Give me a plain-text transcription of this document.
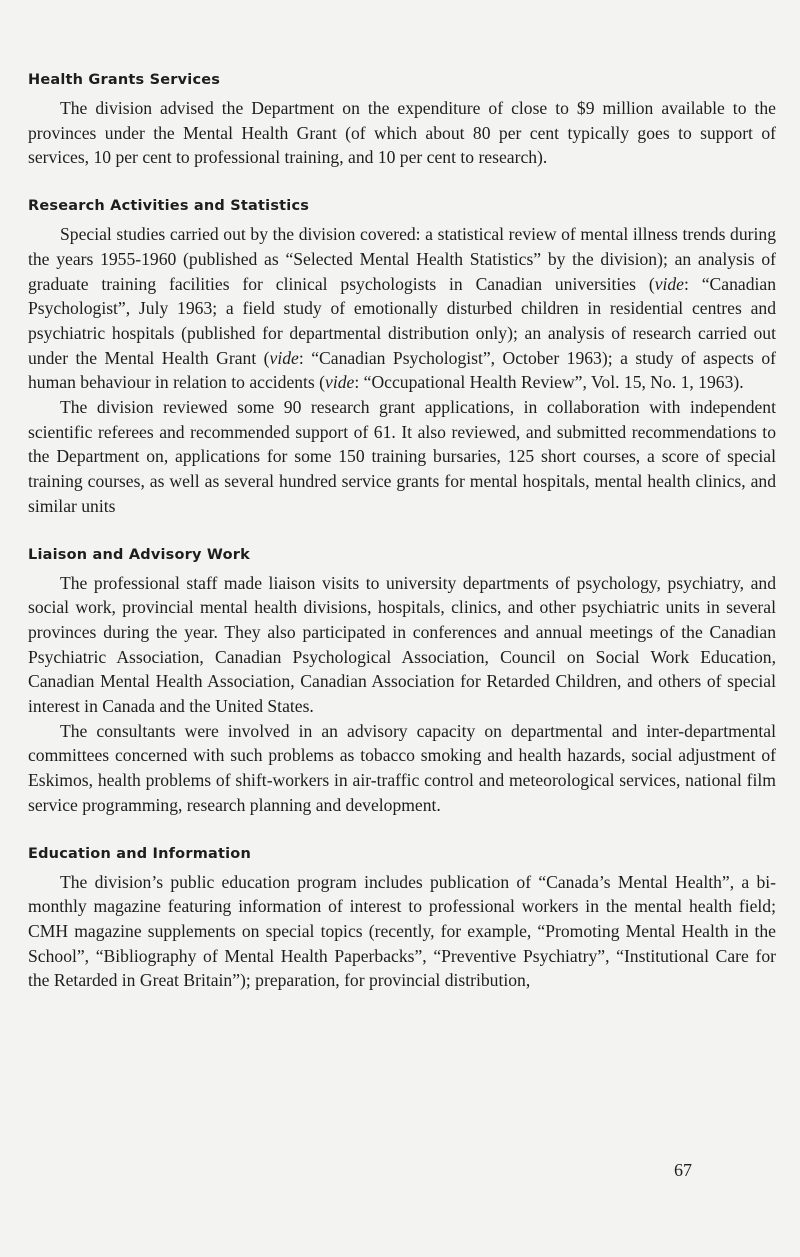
Health Grants Services

The division advised the Department on the expenditure of close to $9 million available to the provinces under the Mental Health Grant (of which about 80 per cent typically goes to support of services, 10 per cent to professional training, and 10 per cent to research).

Research Activities and Statistics

Special studies carried out by the division covered: a statistical review of mental illness trends during the years 1955-1960 (published as “Selected Mental Health Statistics” by the division); an analysis of graduate training facilities for clinical psychologists in Canadian universities (vide: “Canadian Psychologist”, July 1963; a field study of emotionally disturbed children in residential centres and psychiatric hospitals (published for departmental distribution only); an analysis of research carried out under the Mental Health Grant (vide: “Canadian Psychologist”, October 1963); a study of aspects of human behaviour in relation to accidents (vide: “Occupational Health Review”, Vol. 15, No. 1, 1963).

The division reviewed some 90 research grant applications, in collaboration with independent scientific referees and recommended support of 61. It also reviewed, and submitted recommendations to the Department on, applications for some 150 training bursaries, 125 short courses, a score of special training courses, as well as several hundred service grants for mental hospitals, mental health clinics, and similar units

Liaison and Advisory Work

The professional staff made liaison visits to university departments of psychology, psychiatry, and social work, provincial mental health divisions, hospitals, clinics, and other psychiatric units in several provinces during the year. They also participated in conferences and annual meetings of the Canadian Psychiatric Association, Canadian Psychological Association, Council on Social Work Education, Canadian Mental Health Association, Canadian Association for Retarded Children, and others of special interest in Canada and the United States.

The consultants were involved in an advisory capacity on departmental and inter-departmental committees concerned with such problems as tobacco smoking and health hazards, social adjustment of Eskimos, health problems of shift-workers in air-traffic control and meteorological services, national film service programming, research planning and development.

Education and Information

The division’s public education program includes publication of “Canada’s Mental Health”, a bi-monthly magazine featuring information of interest to professional workers in the mental health field; CMH magazine supplements on special topics (recently, for example, “Promoting Mental Health in the School”, “Bibliography of Mental Health Paperbacks”, “Preventive Psychiatry”, “Institutional Care for the Retarded in Great Britain”); preparation, for provincial distribution,

67
